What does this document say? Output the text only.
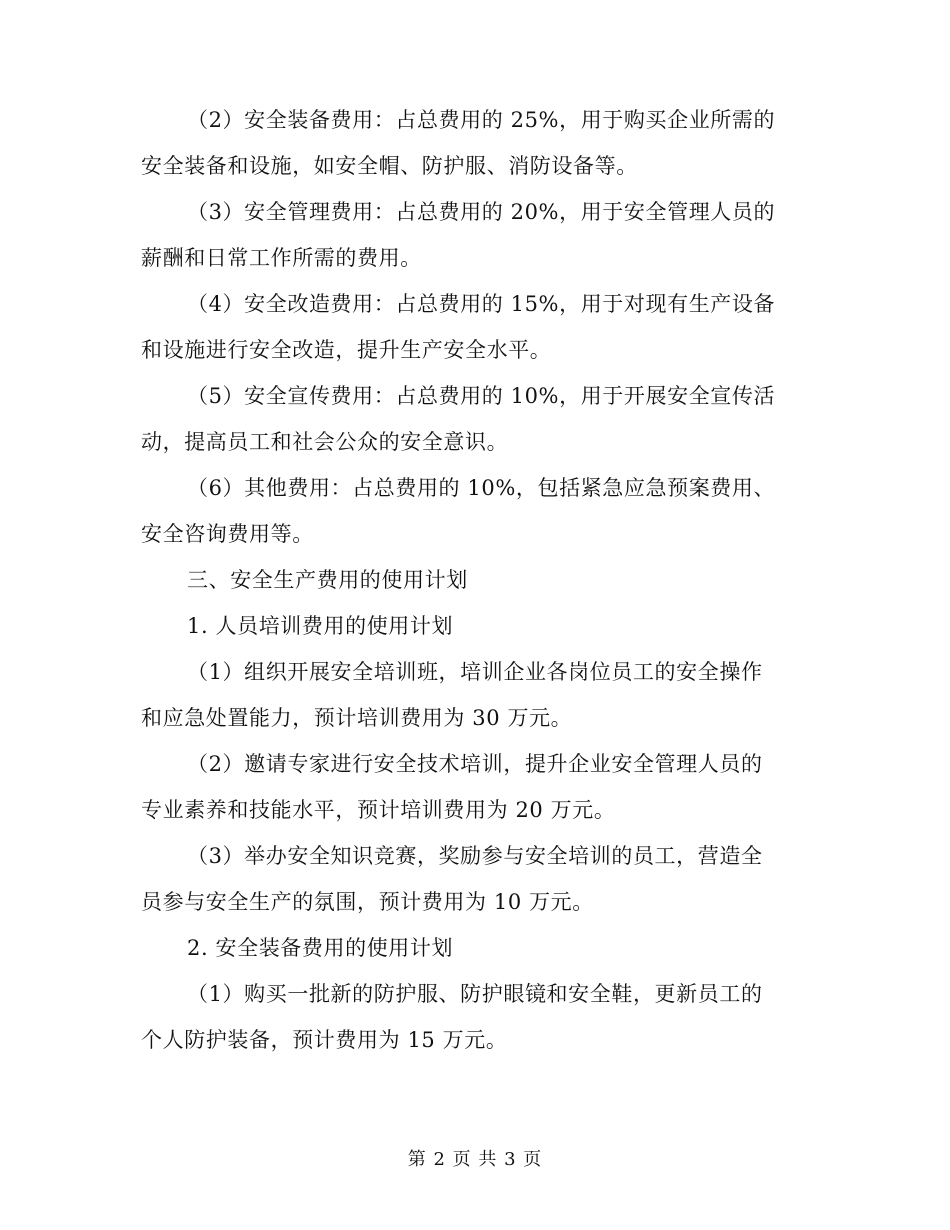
（2）安全装备费用：占总费用的 25%，用于购买企业所需的
安全装备和设施，如安全帽、防护服、消防设备等。
（3）安全管理费用：占总费用的 20%，用于安全管理人员的
薪酬和日常工作所需的费用。
（4）安全改造费用：占总费用的 15%，用于对现有生产设备
和设施进行安全改造，提升生产安全水平。
（5）安全宣传费用：占总费用的 10%，用于开展安全宣传活
动，提高员工和社会公众的安全意识。
（6）其他费用：占总费用的 10%，包括紧急应急预案费用、
安全咨询费用等。
三、安全生产费用的使用计划
1. 人员培训费用的使用计划
（1）组织开展安全培训班，培训企业各岗位员工的安全操作
和应急处置能力，预计培训费用为 30 万元。
（2）邀请专家进行安全技术培训，提升企业安全管理人员的
专业素养和技能水平，预计培训费用为 20 万元。
（3）举办安全知识竞赛，奖励参与安全培训的员工，营造全
员参与安全生产的氛围，预计费用为 10 万元。
2. 安全装备费用的使用计划
（1）购买一批新的防护服、防护眼镜和安全鞋，更新员工的
个人防护装备，预计费用为 15 万元。
第 2 页 共 3 页
